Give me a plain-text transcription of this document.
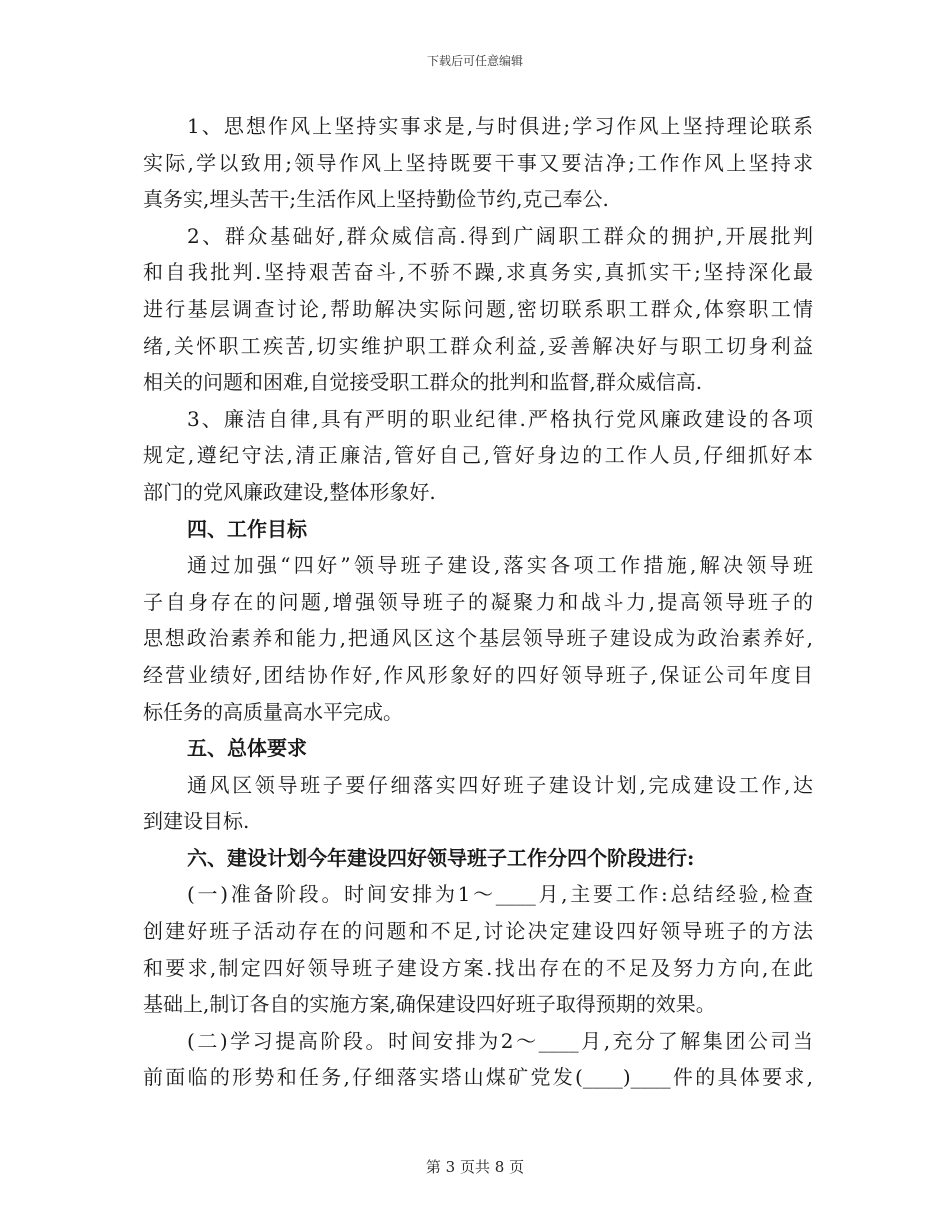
下载后可任意编辑
1、思想作风上坚持实事求是,与时俱进;学习作风上坚持理论联系
实际,学以致用;领导作风上坚持既要干事又要洁净;工作作风上坚持求
真务实,埋头苦干;生活作风上坚持勤俭节约,克己奉公.
2、群众基础好,群众威信高.得到广阔职工群众的拥护,开展批判
和自我批判.坚持艰苦奋斗,不骄不躁,求真务实,真抓实干;坚持深化最
进行基层调查讨论,帮助解决实际问题,密切联系职工群众,体察职工情
绪,关怀职工疾苦,切实维护职工群众利益,妥善解决好与职工切身利益
相关的问题和困难,自觉接受职工群众的批判和监督,群众威信高.
3、廉洁自律,具有严明的职业纪律.严格执行党风廉政建设的各项
规定,遵纪守法,清正廉洁,管好自己,管好身边的工作人员,仔细抓好本
部门的党风廉政建设,整体形象好.
四、工作目标
通过加强“四好”领导班子建设,落实各项工作措施,解决领导班
子自身存在的问题,增强领导班子的凝聚力和战斗力,提高领导班子的
思想政治素养和能力,把通风区这个基层领导班子建设成为政治素养好,
经营业绩好,团结协作好,作风形象好的四好领导班子,保证公司年度目
标任务的高质量高水平完成。
五、总体要求
通风区领导班子要仔细落实四好班子建设计划,完成建设工作,达
到建设目标.
六、建设计划今年建设四好领导班子工作分四个阶段进行:
(一)准备阶段。时间安排为1～____月,主要工作:总结经验,检查
创建好班子活动存在的问题和不足,讨论决定建设四好领导班子的方法
和要求,制定四好领导班子建设方案.找出存在的不足及努力方向,在此
基础上,制订各自的实施方案,确保建设四好班子取得预期的效果。
(二)学习提高阶段。时间安排为2～____月,充分了解集团公司当
前面临的形势和任务,仔细落实塔山煤矿党发(____)____件的具体要求,
第 3 页共 8 页
